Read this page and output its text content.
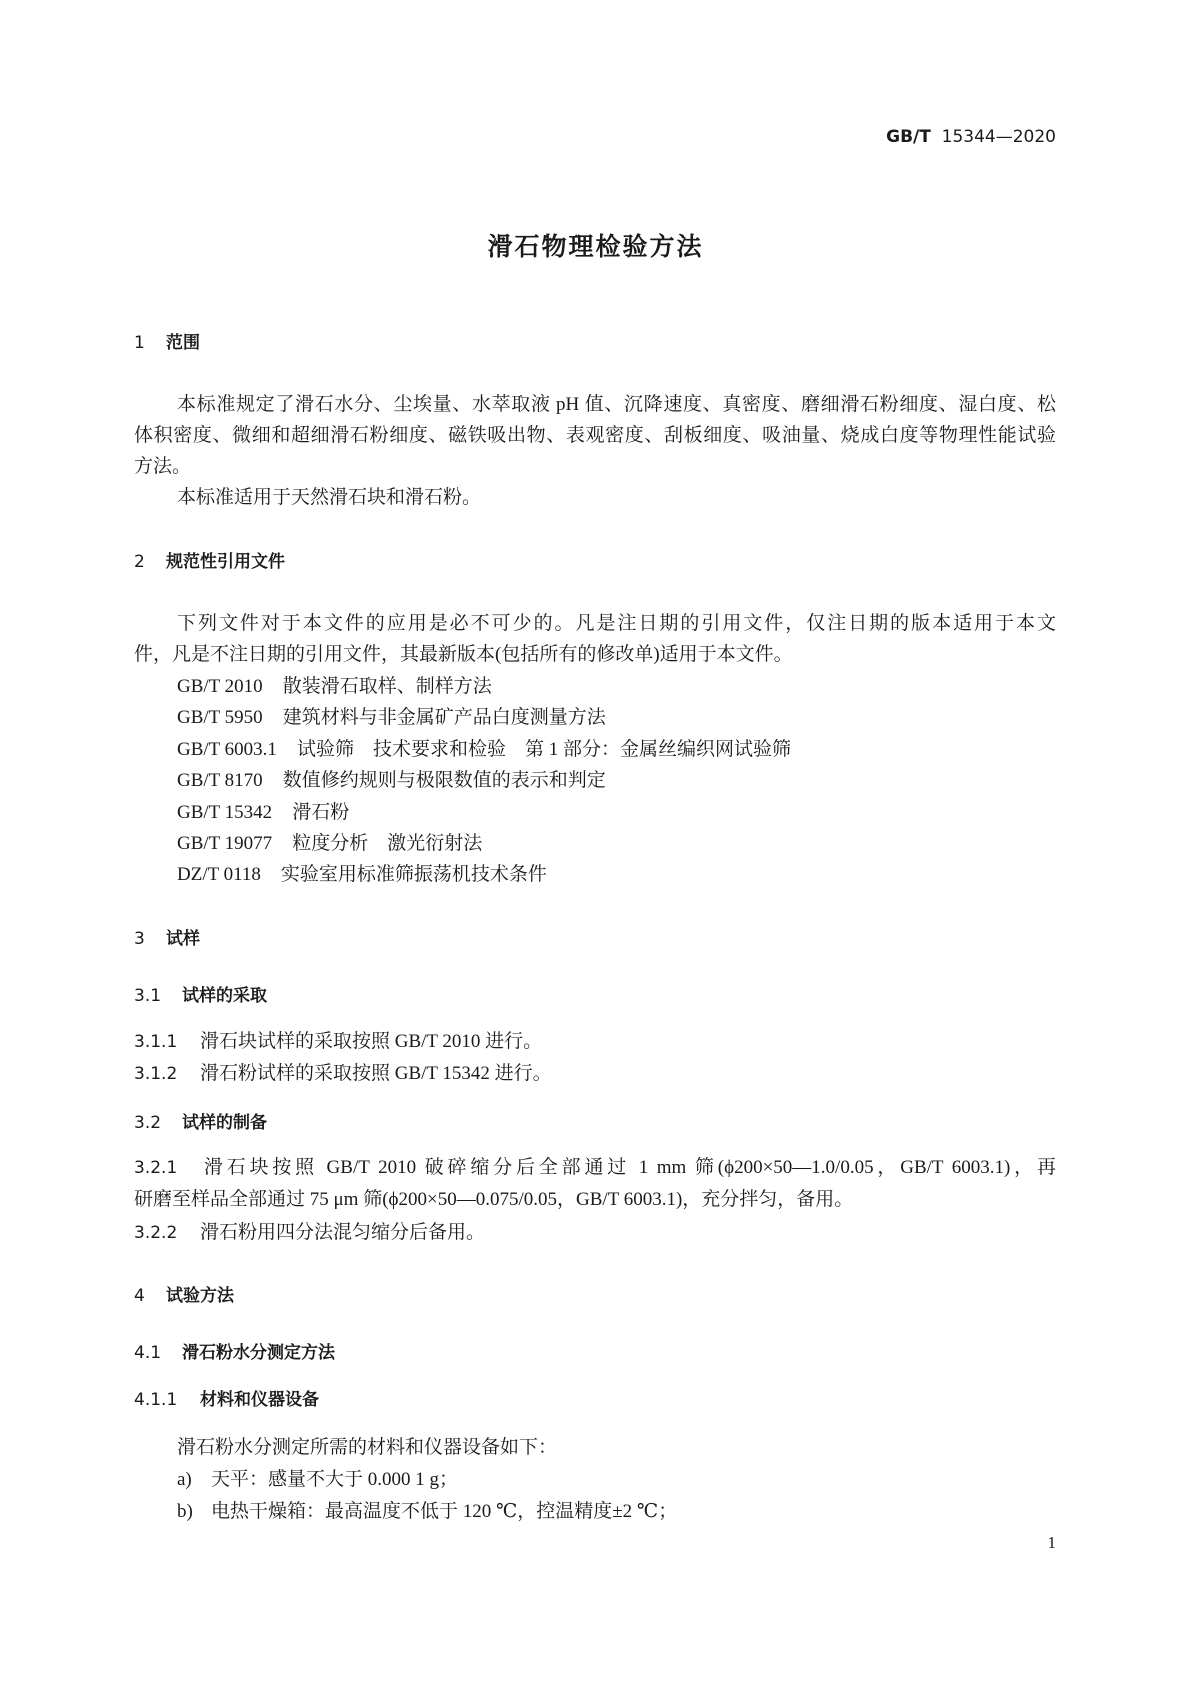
GB/T 15344—2020
滑石物理检验方法
1 范围
本标准规定了滑石水分、尘埃量、水萃取液 pH 值、沉降速度、真密度、磨细滑石粉细度、湿白度、松
体积密度、微细和超细滑石粉细度、磁铁吸出物、表观密度、刮板细度、吸油量、烧成白度等物理性能试验
方法。
本标准适用于天然滑石块和滑石粉。
2 规范性引用文件
下列文件对于本文件的应用是必不可少的。凡是注日期的引用文件，仅注日期的版本适用于本文
件，凡是不注日期的引用文件，其最新版本(包括所有的修改单)适用于本文件。
GB/T 2010 散装滑石取样、制样方法
GB/T 5950 建筑材料与非金属矿产品白度测量方法
GB/T 6003.1 试验筛　技术要求和检验　第 1 部分：金属丝编织网试验筛
GB/T 8170 数值修约规则与极限数值的表示和判定
GB/T 15342 滑石粉
GB/T 19077 粒度分析　激光衍射法
DZ/T 0118 实验室用标准筛振荡机技术条件
3 试样
3.1 试样的采取
3.1.1 滑石块试样的采取按照 GB/T 2010 进行。
3.1.2 滑石粉试样的采取按照 GB/T 15342 进行。
3.2 试样的制备
3.2.1 滑石块按照 GB/T 2010 破碎缩分后全部通过 1 mm 筛(ϕ200×50—1.0/0.05，GB/T 6003.1)，再
研磨至样品全部通过 75 μm 筛(ϕ200×50—0.075/0.05，GB/T 6003.1)，充分拌匀，备用。
3.2.2 滑石粉用四分法混匀缩分后备用。
4 试验方法
4.1 滑石粉水分测定方法
4.1.1 材料和仪器设备
滑石粉水分测定所需的材料和仪器设备如下：
a) 天平：感量不大于 0.000 1 g；
b) 电热干燥箱：最高温度不低于 120 ℃，控温精度±2 ℃；
1
